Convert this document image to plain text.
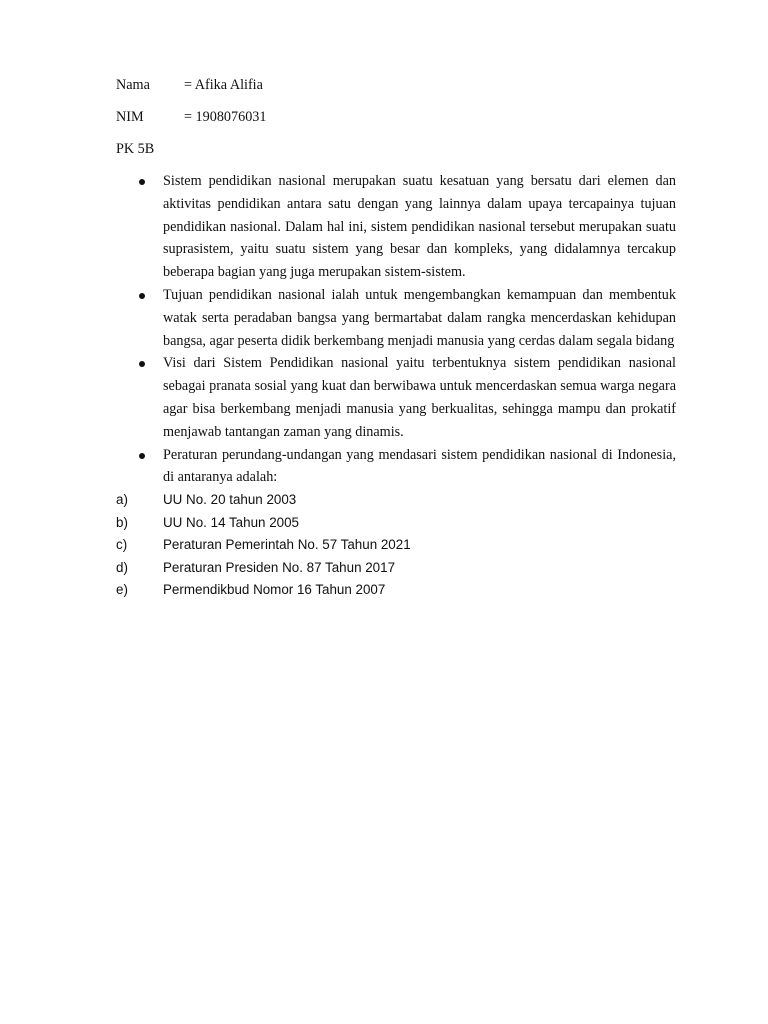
Nama = Afika Alifia
NIM	= 1908076031
PK 5B
Sistem pendidikan nasional merupakan suatu kesatuan yang bersatu dari elemen dan aktivitas pendidikan antara satu dengan yang lainnya dalam upaya tercapainya tujuan pendidikan nasional. Dalam hal ini, sistem pendidikan nasional tersebut merupakan suatu suprasistem, yaitu suatu sistem yang besar dan kompleks, yang didalamnya tercakup beberapa bagian yang juga merupakan sistem-sistem.
Tujuan pendidikan nasional ialah untuk mengembangkan kemampuan dan membentuk watak serta peradaban bangsa yang bermartabat dalam rangka mencerdaskan kehidupan bangsa, agar peserta didik berkembang menjadi manusia yang cerdas dalam segala bidang
Visi dari Sistem Pendidikan nasional yaitu terbentuknya sistem pendidikan nasional sebagai pranata sosial yang kuat dan berwibawa untuk mencerdaskan semua warga negara agar bisa berkembang menjadi manusia yang berkualitas, sehingga mampu dan prokatif menjawab tantangan zaman yang dinamis.
Peraturan perundang-undangan yang mendasari sistem pendidikan nasional di Indonesia, di antaranya adalah:
a)	UU No. 20 tahun 2003
b)	UU No. 14 Tahun 2005
c)	Peraturan Pemerintah No. 57 Tahun 2021
d)	Peraturan Presiden No. 87 Tahun 2017
e)	Permendikbud Nomor 16 Tahun 2007
